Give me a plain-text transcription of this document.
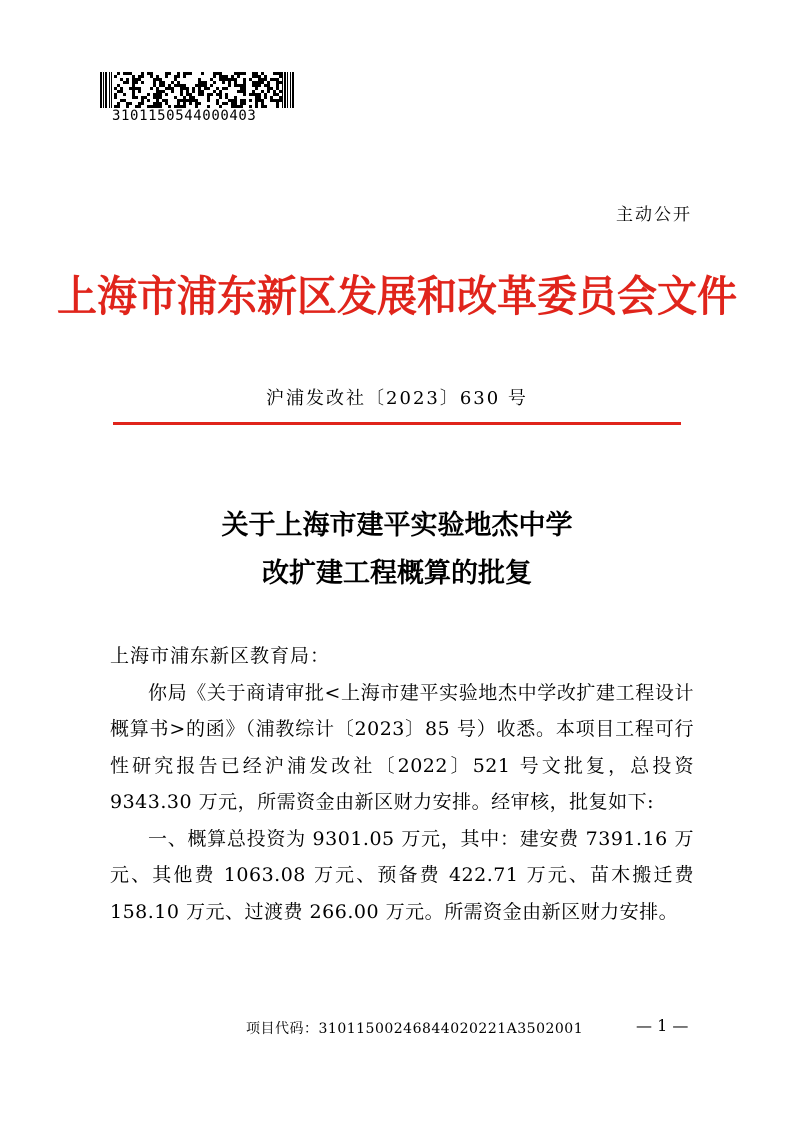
3101150544000403
主动公开
上海市浦东新区发展和改革委员会文件
沪浦发改社〔2023〕630 号
关于上海市建平实验地杰中学
改扩建工程概算的批复

上海市浦东新区教育局：

你局《关于商请审批<上海市建平实验地杰中学改扩建工程设计概算书>的函》（浦教综计〔2023〕85 号）收悉。本项目工程可行性研究报告已经沪浦发改社〔2022〕521 号文批复，总投资 9343.30 万元，所需资金由新区财力安排。经审核，批复如下:

一、概算总投资为 9301.05 万元，其中：建安费 7391.16 万元、其他费 1063.08 万元、预备费 422.71 万元、苗木搬迁费 158.10 万元、过渡费 266.00 万元。所需资金由新区财力安排。

项目代码：31011500246844020221A3502001	— 1 —
